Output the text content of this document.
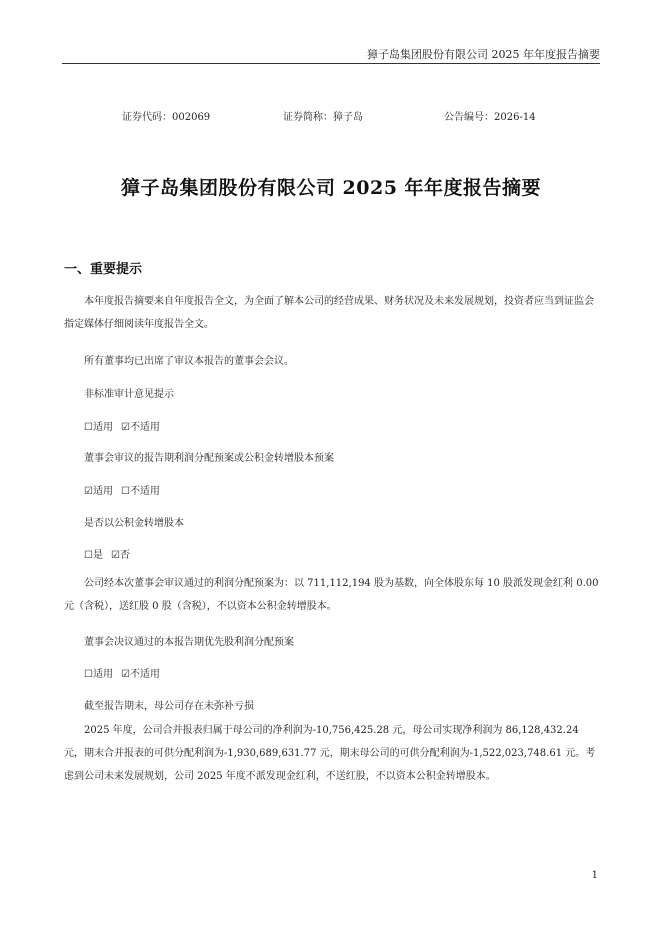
獐子岛集团股份有限公司 2025 年年度报告摘要
证券代码：002069	证券简称：獐子岛	公告编号：2026-14
獐子岛集团股份有限公司 2025 年年度报告摘要
一、重要提示
本年度报告摘要来自年度报告全文，为全面了解本公司的经营成果、财务状况及未来发展规划，投资者应当到证监会指定媒体仔细阅读年度报告全文。
所有董事均已出席了审议本报告的董事会会议。
非标准审计意见提示
☐适用 ☑不适用
董事会审议的报告期利润分配预案或公积金转增股本预案
☑适用 ☐不适用
是否以公积金转增股本
☐是 ☑否
公司经本次董事会审议通过的利润分配预案为：以 711,112,194 股为基数，向全体股东每 10 股派发现金红利 0.00 元（含税），送红股 0 股（含税），不以资本公积金转增股本。
董事会决议通过的本报告期优先股利润分配预案
☐适用 ☑不适用
截至报告期末，母公司存在未弥补亏损
2025 年度，公司合并报表归属于母公司的净利润为-10,756,425.28 元，母公司实现净利润为 86,128,432.24 元，期末合并报表的可供分配利润为-1,930,689,631.77 元，期末母公司的可供分配利润为-1,522,023,748.61 元。考虑到公司未来发展规划，公司 2025 年度不派发现金红利，不送红股，不以资本公积金转增股本。
1
